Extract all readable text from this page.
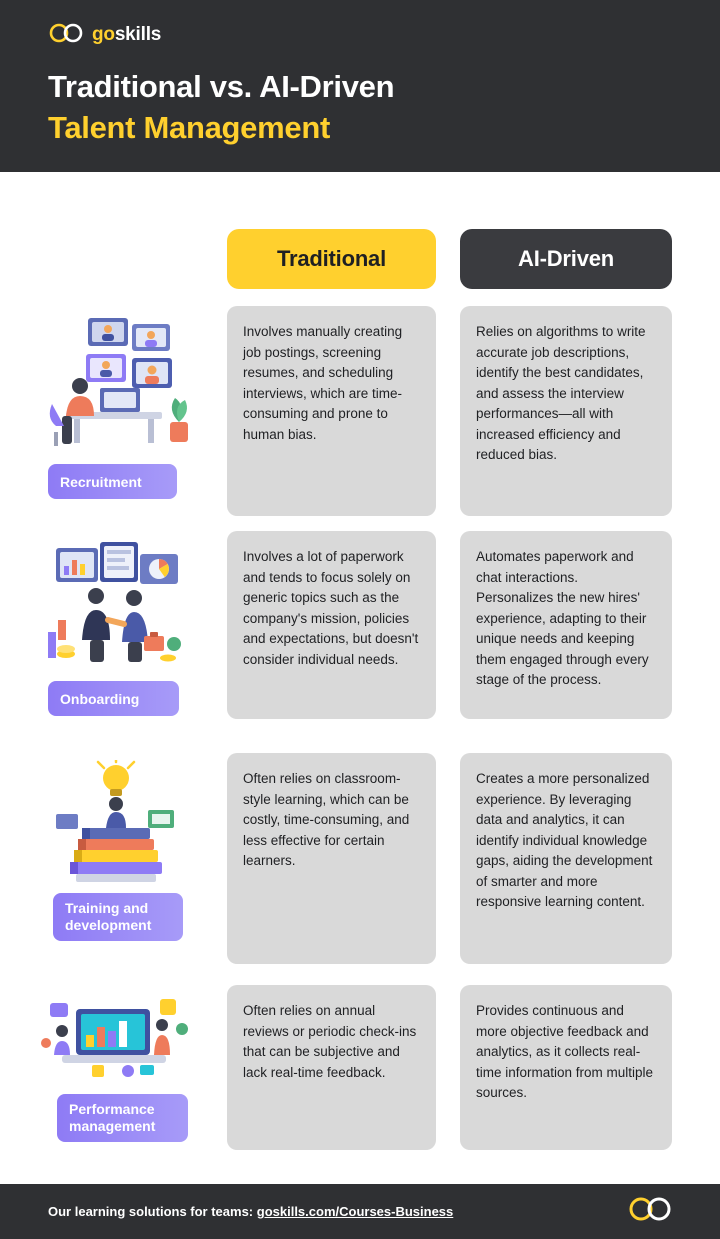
goskills
Traditional vs. AI-Driven
Talent Management
Traditional	AI-Driven

Involves manually creating job postings, screening resumes, and scheduling interviews, which are time-consuming and prone to human bias.

Relies on algorithms to write accurate job descriptions, identify the best candidates, and assess the interview performances—all with increased efficiency and reduced bias.

Recruitment

Involves a lot of paperwork and tends to focus solely on generic topics such as the company's mission, policies and expectations, but doesn't consider individual needs.

Automates paperwork and chat interactions. Personalizes the new hires' experience, adapting to their unique needs and keeping them engaged through every stage of the process.

Onboarding

Often relies on classroom-style learning, which can be costly, time-consuming, and less effective for certain learners.

Creates a more personalized experience. By leveraging data and analytics, it can identify individual knowledge gaps, aiding the development of smarter and more responsive learning content.

Training and development

Often relies on annual reviews or periodic check-ins that can be subjective and lack real-time feedback.

Provides continuous and more objective feedback and analytics, as it collects real-time information from multiple sources.

Performance management
Our learning solutions for teams: goskills.com/Courses-Business
